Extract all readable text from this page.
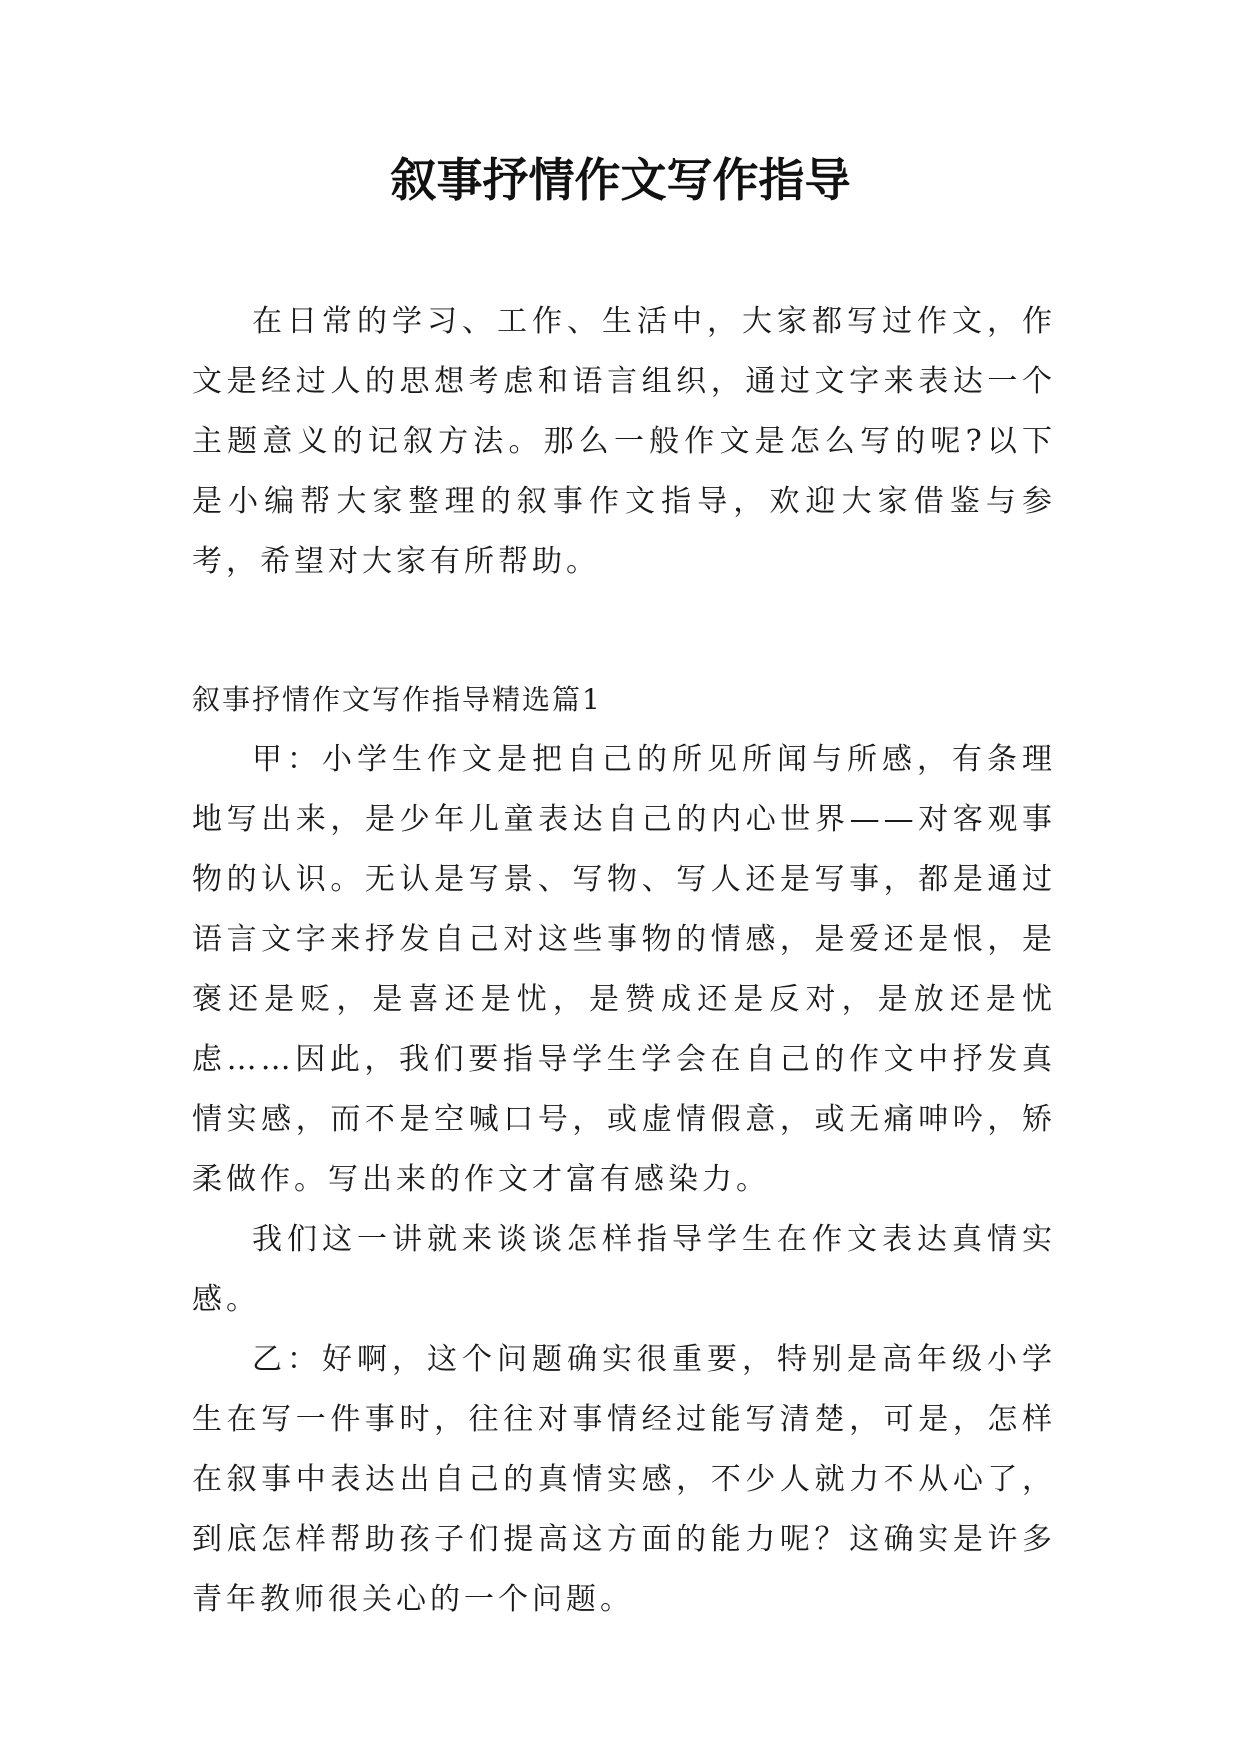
叙事抒情作文写作指导

在日常的学习、工作、生活中，大家都写过作文，作文是经过人的思想考虑和语言组织，通过文字来表达一个主题意义的记叙方法。那么一般作文是怎么写的呢?以下是小编帮大家整理的叙事作文指导，欢迎大家借鉴与参考，希望对大家有所帮助。

叙事抒情作文写作指导精选篇1

甲：小学生作文是把自己的所见所闻与所感，有条理地写出来，是少年儿童表达自己的内心世界——对客观事物的认识。无认是写景、写物、写人还是写事，都是通过语言文字来抒发自己对这些事物的情感，是爱还是恨，是褒还是贬，是喜还是忧，是赞成还是反对，是放还是忧虑……因此，我们要指导学生学会在自己的作文中抒发真情实感，而不是空喊口号，或虚情假意，或无痛呻吟，矫柔做作。写出来的作文才富有感染力。

我们这一讲就来谈谈怎样指导学生在作文表达真情实感。

乙：好啊，这个问题确实很重要，特别是高年级小学生在写一件事时，往往对事情经过能写清楚，可是，怎样在叙事中表达出自己的真情实感，不少人就力不从心了，到底怎样帮助孩子们提高这方面的能力呢？这确实是许多青年教师很关心的一个问题。
